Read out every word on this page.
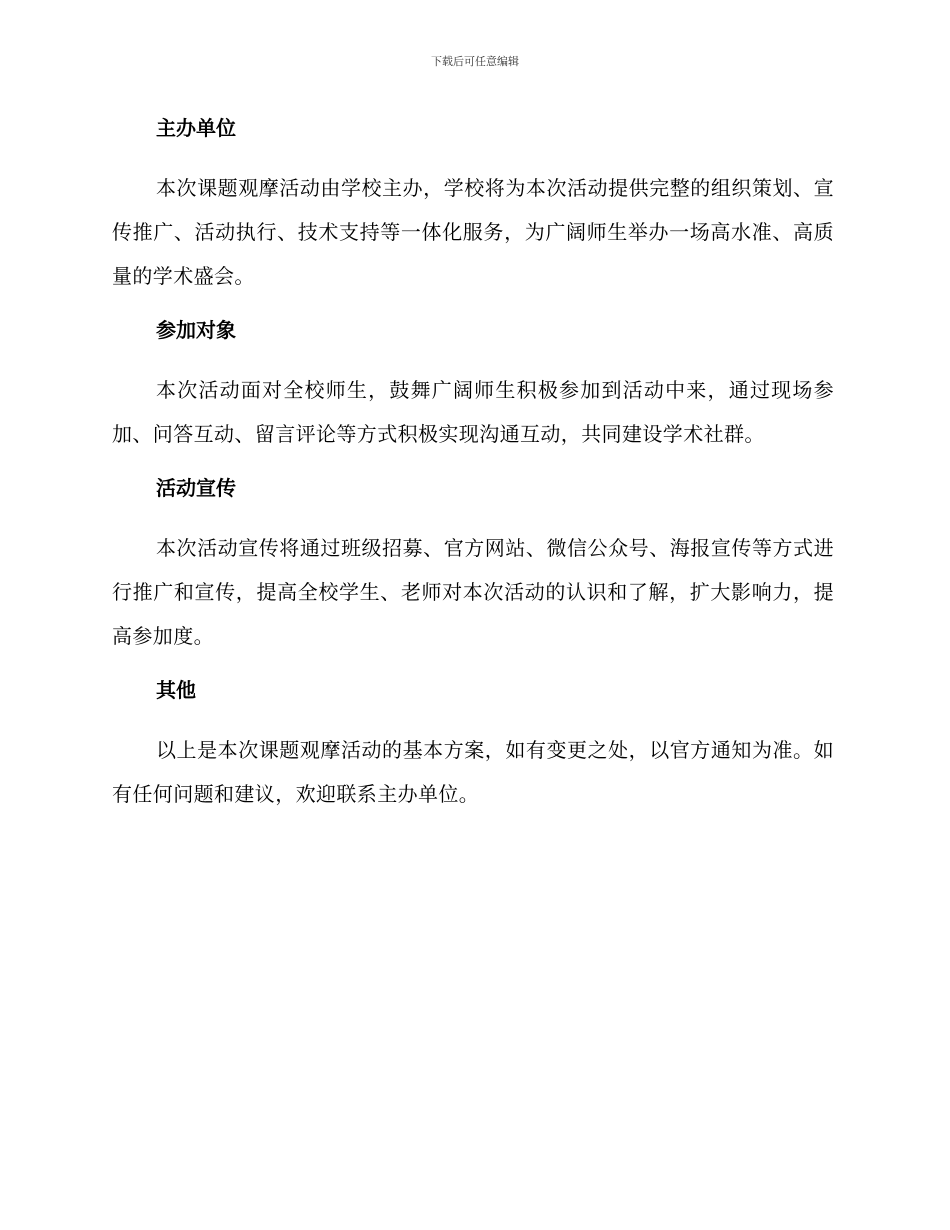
下载后可任意编辑
主办单位

本次课题观摩活动由学校主办，学校将为本次活动提供完整的组织策划、宣传推广、活动执行、技术支持等一体化服务，为广阔师生举办一场高水准、高质量的学术盛会。

参加对象

本次活动面对全校师生，鼓舞广阔师生积极参加到活动中来，通过现场参加、问答互动、留言评论等方式积极实现沟通互动，共同建设学术社群。

活动宣传

本次活动宣传将通过班级招募、官方网站、微信公众号、海报宣传等方式进行推广和宣传，提高全校学生、老师对本次活动的认识和了解，扩大影响力，提高参加度。

其他

以上是本次课题观摩活动的基本方案，如有变更之处，以官方通知为准。如有任何问题和建议，欢迎联系主办单位。
